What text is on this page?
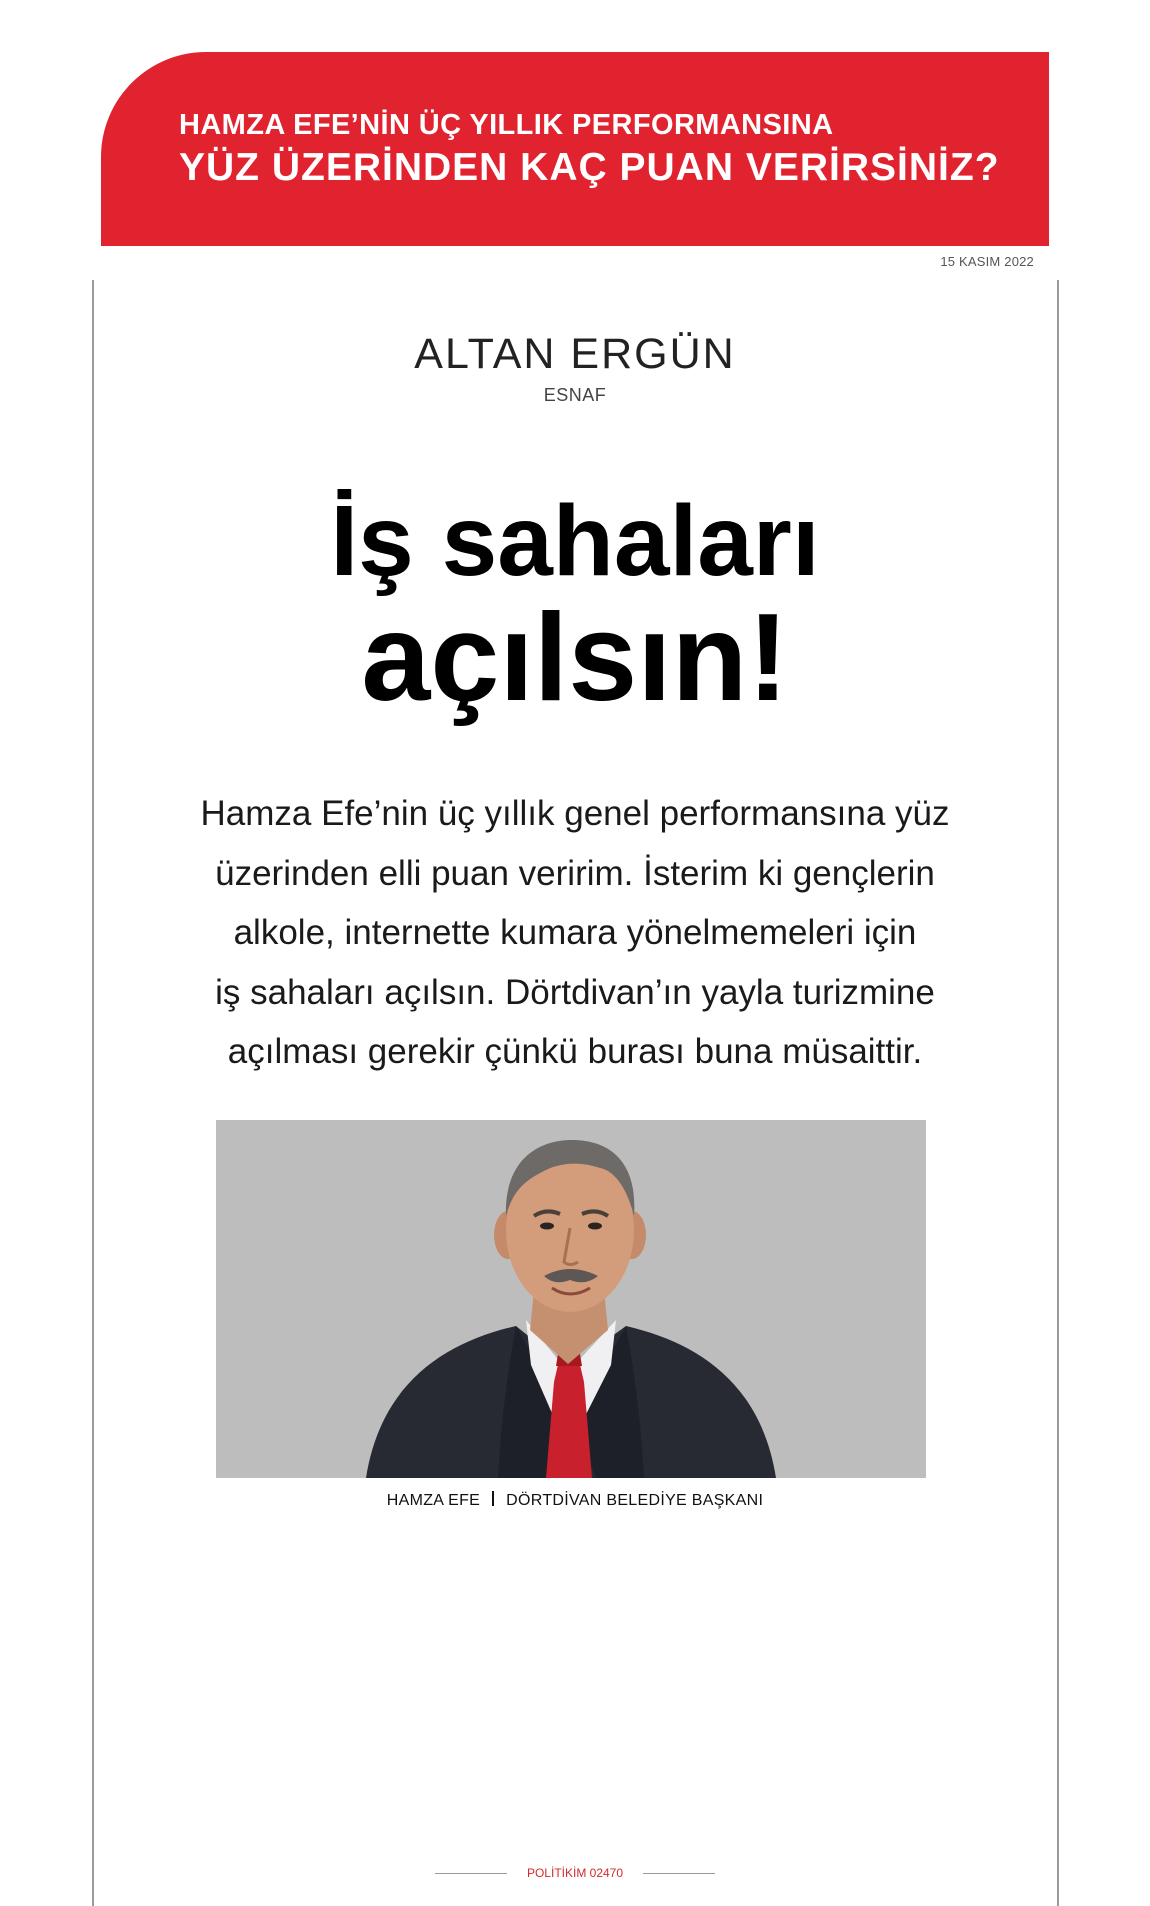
HAMZA EFE’NİN ÜÇ YILLIK PERFORMANSINA
YÜZ ÜZERİNDEN KAÇ PUAN VERİRSİNİZ?
15 KASIM 2022
ALTAN ERGÜN
ESNAF
İş sahaları
açılsın!
Hamza Efe’nin üç yıllık genel performansına yüz
üzerinden elli puan veririm. İsterim ki gençlerin
alkole, internette kumara yönelmemeleri için
iş sahaları açılsın. Dörtdivan’ın yayla turizmine
açılması gerekir çünkü burası buna müsaittir.
HAMZA EFE DÖRTDİVAN BELEDİYE BAŞKANI
POLİTİKİM 02470
